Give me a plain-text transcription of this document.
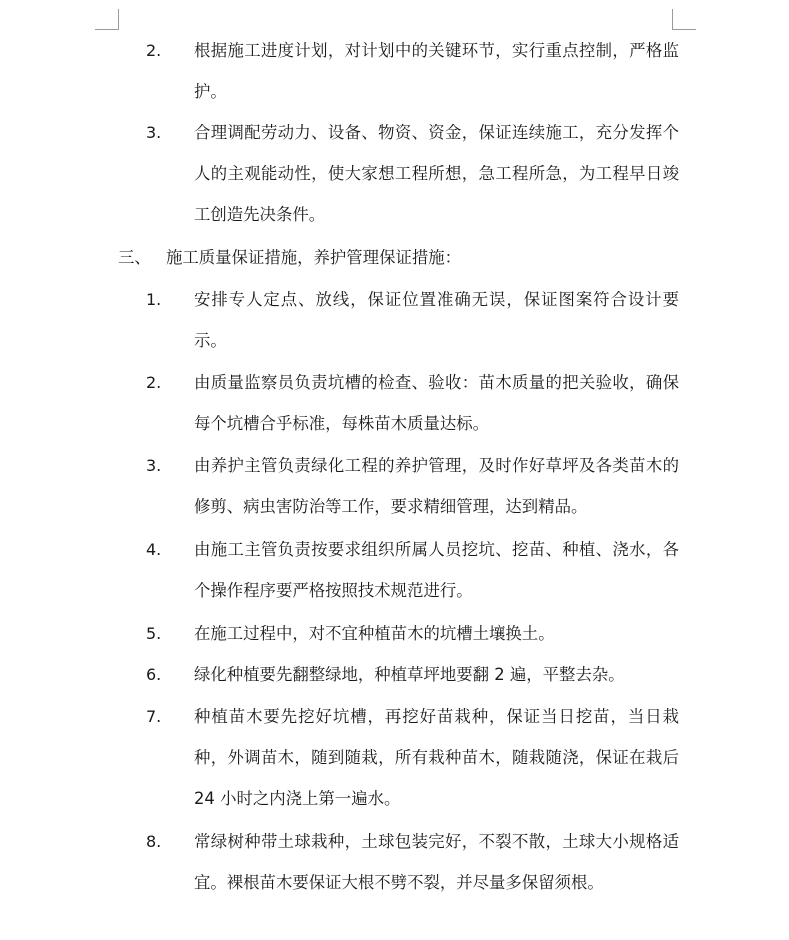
2. 根据施工进度计划，对计划中的关键环节，实行重点控制，严格监护。
3. 合理调配劳动力、设备、物资、资金，保证连续施工，充分发挥个人的主观能动性，使大家想工程所想，急工程所急，为工程早日竣工创造先决条件。
三、 施工质量保证措施，养护管理保证措施：
1. 安排专人定点、放线，保证位置准确无误，保证图案符合设计要示。
2. 由质量监察员负责坑槽的检查、验收：苗木质量的把关验收，确保每个坑槽合乎标准，每株苗木质量达标。
3. 由养护主管负责绿化工程的养护管理，及时作好草坪及各类苗木的修剪、病虫害防治等工作，要求精细管理，达到精品。
4. 由施工主管负责按要求组织所属人员挖坑、挖苗、种植、浇水，各个操作程序要严格按照技术规范进行。
5. 在施工过程中，对不宜种植苗木的坑槽土壤换土。
6. 绿化种植要先翻整绿地，种植草坪地要翻 2 遍，平整去杂。
7. 种植苗木要先挖好坑槽，再挖好苗栽种，保证当日挖苗，当日栽种，外调苗木，随到随栽，所有栽种苗木，随栽随浇，保证在栽后 24 小时之内浇上第一遍水。
8. 常绿树种带土球栽种，土球包装完好，不裂不散，土球大小规格适宜。裸根苗木要保证大根不劈不裂，并尽量多保留须根。
